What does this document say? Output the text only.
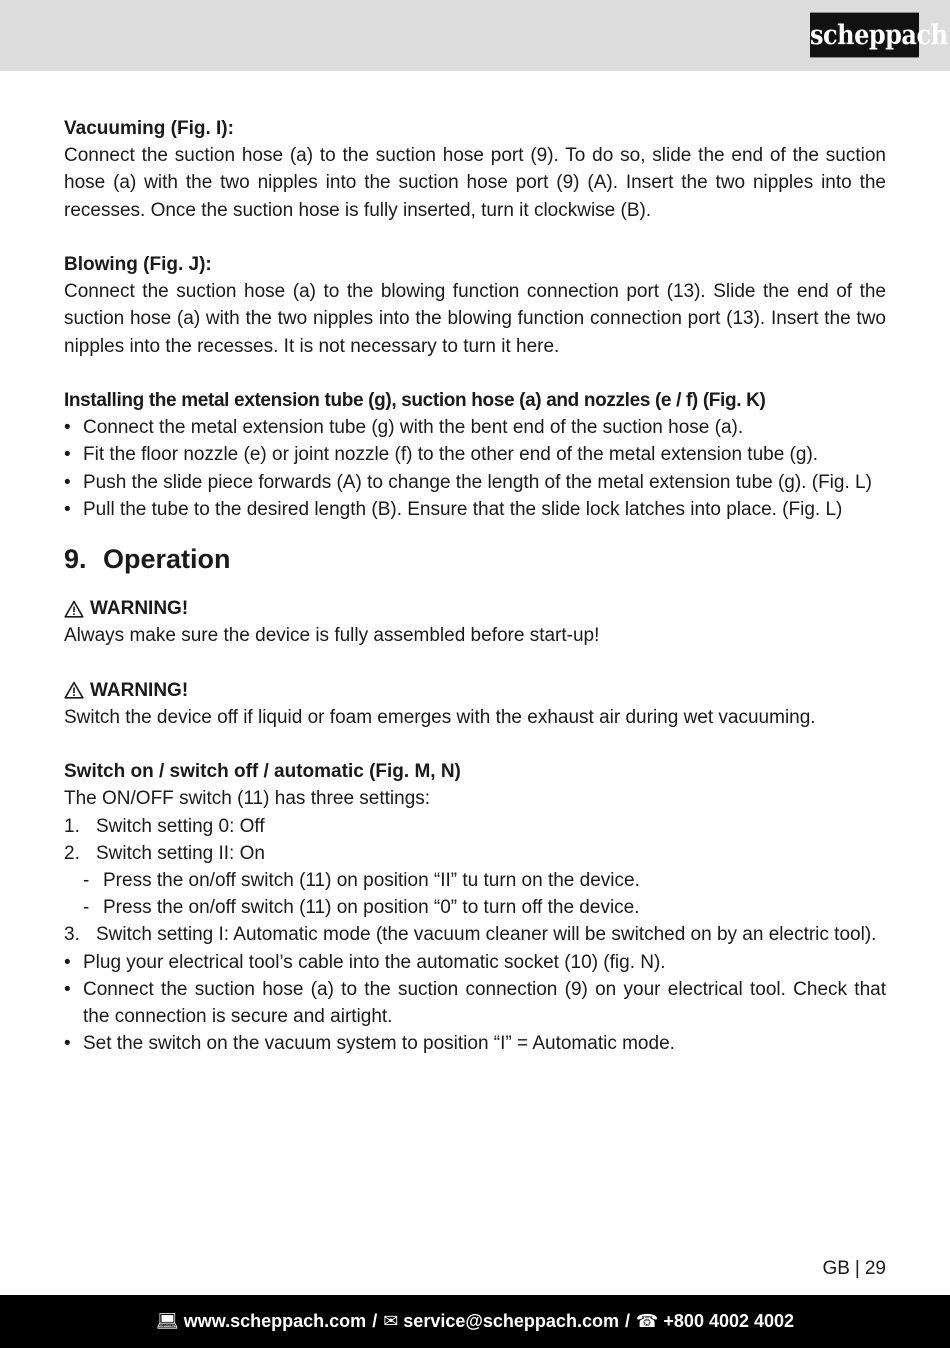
scheppach

Vacuuming (Fig. I):

Connect the suction hose (a) to the suction hose port (9). To do so, slide the end of the suction hose (a) with the two nipples into the suction hose port (9) (A). Insert the two nipples into the recesses. Once the suction hose is fully inserted, turn it clockwise (B).

Blowing (Fig. J):

Connect the suction hose (a) to the blowing function connection port (13). Slide the end of the suction hose (a) with the two nipples into the blowing function connection port (13). Insert the two nipples into the recesses. It is not necessary to turn it here.

Installing the metal extension tube (g), suction hose (a) and nozzles (e / f) (Fig. K)

• Connect the metal extension tube (g) with the bent end of the suction hose (a).
• Fit the floor nozzle (e) or joint nozzle (f) to the other end of the metal extension tube (g).
• Push the slide piece forwards (A) to change the length of the metal extension tube (g). (Fig. L)
• Pull the tube to the desired length (B). Ensure that the slide lock latches into place. (Fig. L)
9. Operation
WARNING!

Always make sure the device is fully assembled before start-up!

WARNING!

Switch the device off if liquid or foam emerges with the exhaust air during wet vacuuming.

Switch on / switch off / automatic (Fig. M, N)

The ON/OFF switch (11) has three settings:

1. Switch setting 0: Off
2. Switch setting II: On
- Press the on/off switch (11) on position “II” tu turn on the device.
- Press the on/off switch (11) on position “0” to turn off the device.
3. Switch setting I: Automatic mode (the vacuum cleaner will be switched on by an electric tool).
• Plug your electrical tool’s cable into the automatic socket (10) (fig. N).
• Connect the suction hose (a) to the suction connection (9) on your electrical tool. Check that the connection is secure and airtight.
• Set the switch on the vacuum system to position “I” = Automatic mode.
GB | 29
💻︎ www.scheppach.com / ✉︎ service@scheppach.com / ☎ +800 4002 4002
